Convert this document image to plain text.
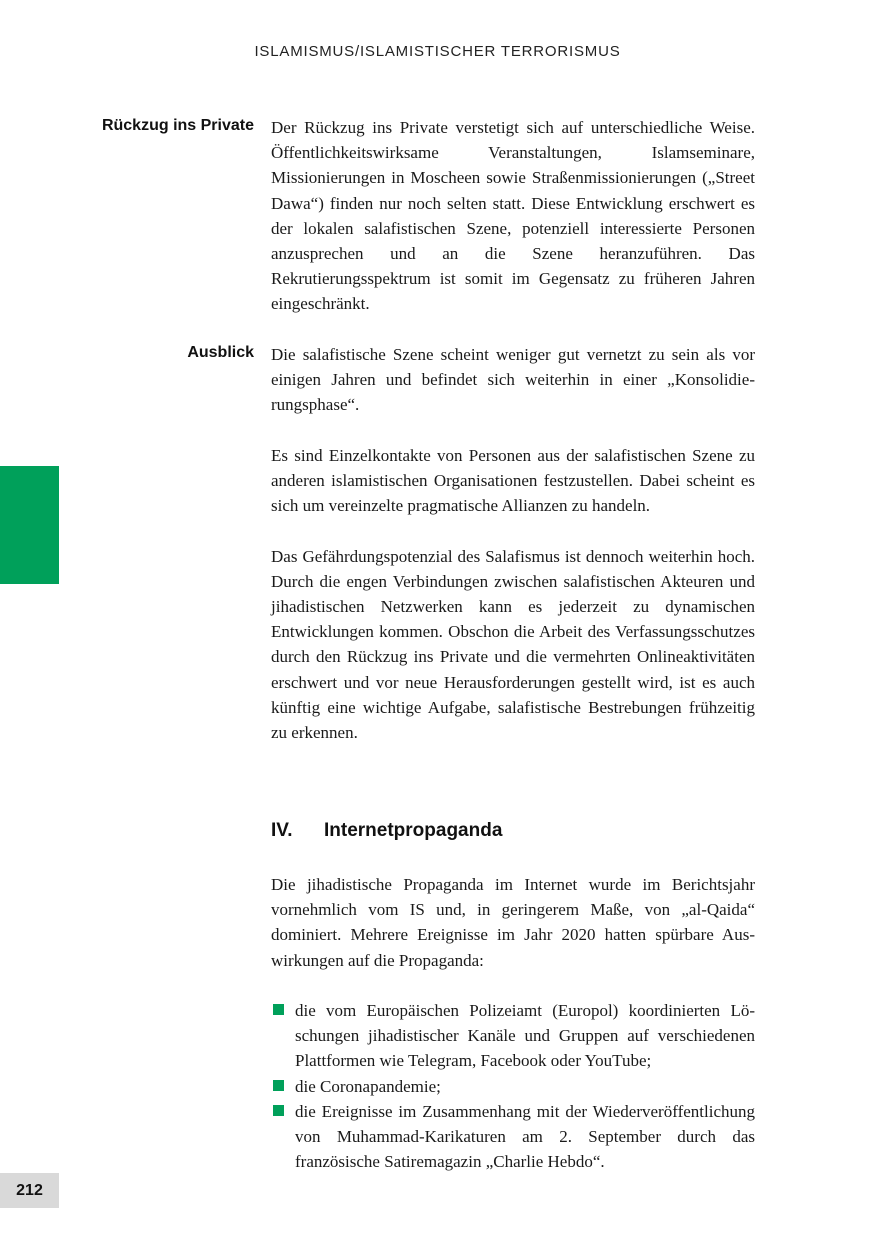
ISLAMISMUS/ISLAMISTISCHER TERRORISMUS
212
Rückzug ins Private Der Rückzug ins Private verstetigt sich auf unterschiedliche Weise. Öffentlichkeitswirksame Veranstaltungen, Islamseminare, Missionierungen in Moscheen sowie Straßenmissionierungen („Street Dawa“) finden nur noch selten statt. Diese Entwicklung erschwert es der lokalen salafistischen Szene, potenziell interessierte Personen anzusprechen und an die Szene heranzuführen. Das Rekrutierungsspektrum ist somit im Gegensatz zu früheren Jahren eingeschränkt.

Ausblick Die salafistische Szene scheint weniger gut vernetzt zu sein als vor einigen Jahren und befindet sich weiterhin in einer „Konsolidierungsphase“.

Es sind Einzelkontakte von Personen aus der salafistischen Szene zu anderen islamistischen Organisationen festzustellen. Dabei scheint es sich um vereinzelte pragmatische Allianzen zu handeln.

Das Gefährdungspotenzial des Salafismus ist dennoch weiterhin hoch. Durch die engen Verbindungen zwischen salafistischen Akteuren und jihadistischen Netzwerken kann es jederzeit zu dynamischen Entwicklungen kommen. Obschon die Arbeit des Verfassungsschutzes durch den Rückzug ins Private und die vermehrten Onlineaktivitäten erschwert und vor neue Herausforderungen gestellt wird, ist es auch künftig eine wichtige Aufgabe, salafistische Bestrebungen frühzeitig zu erkennen.

IV. Internetpropaganda

Die jihadistische Propaganda im Internet wurde im Berichtsjahr vornehmlich vom IS und, in geringerem Maße, von „al-Qaida“ dominiert. Mehrere Ereignisse im Jahr 2020 hatten spürbare Auswirkungen auf die Propaganda:

die vom Europäischen Polizeiamt (Europol) koordinierten Löschungen jihadistischer Kanäle und Gruppen auf verschiedenen Plattformen wie Telegram, Facebook oder YouTube;
die Coronapandemie;
die Ereignisse im Zusammenhang mit der Wiederveröffentlichung von Muhammad-Karikaturen am 2. September durch das französische Satiremagazin „Charlie Hebdo“.
